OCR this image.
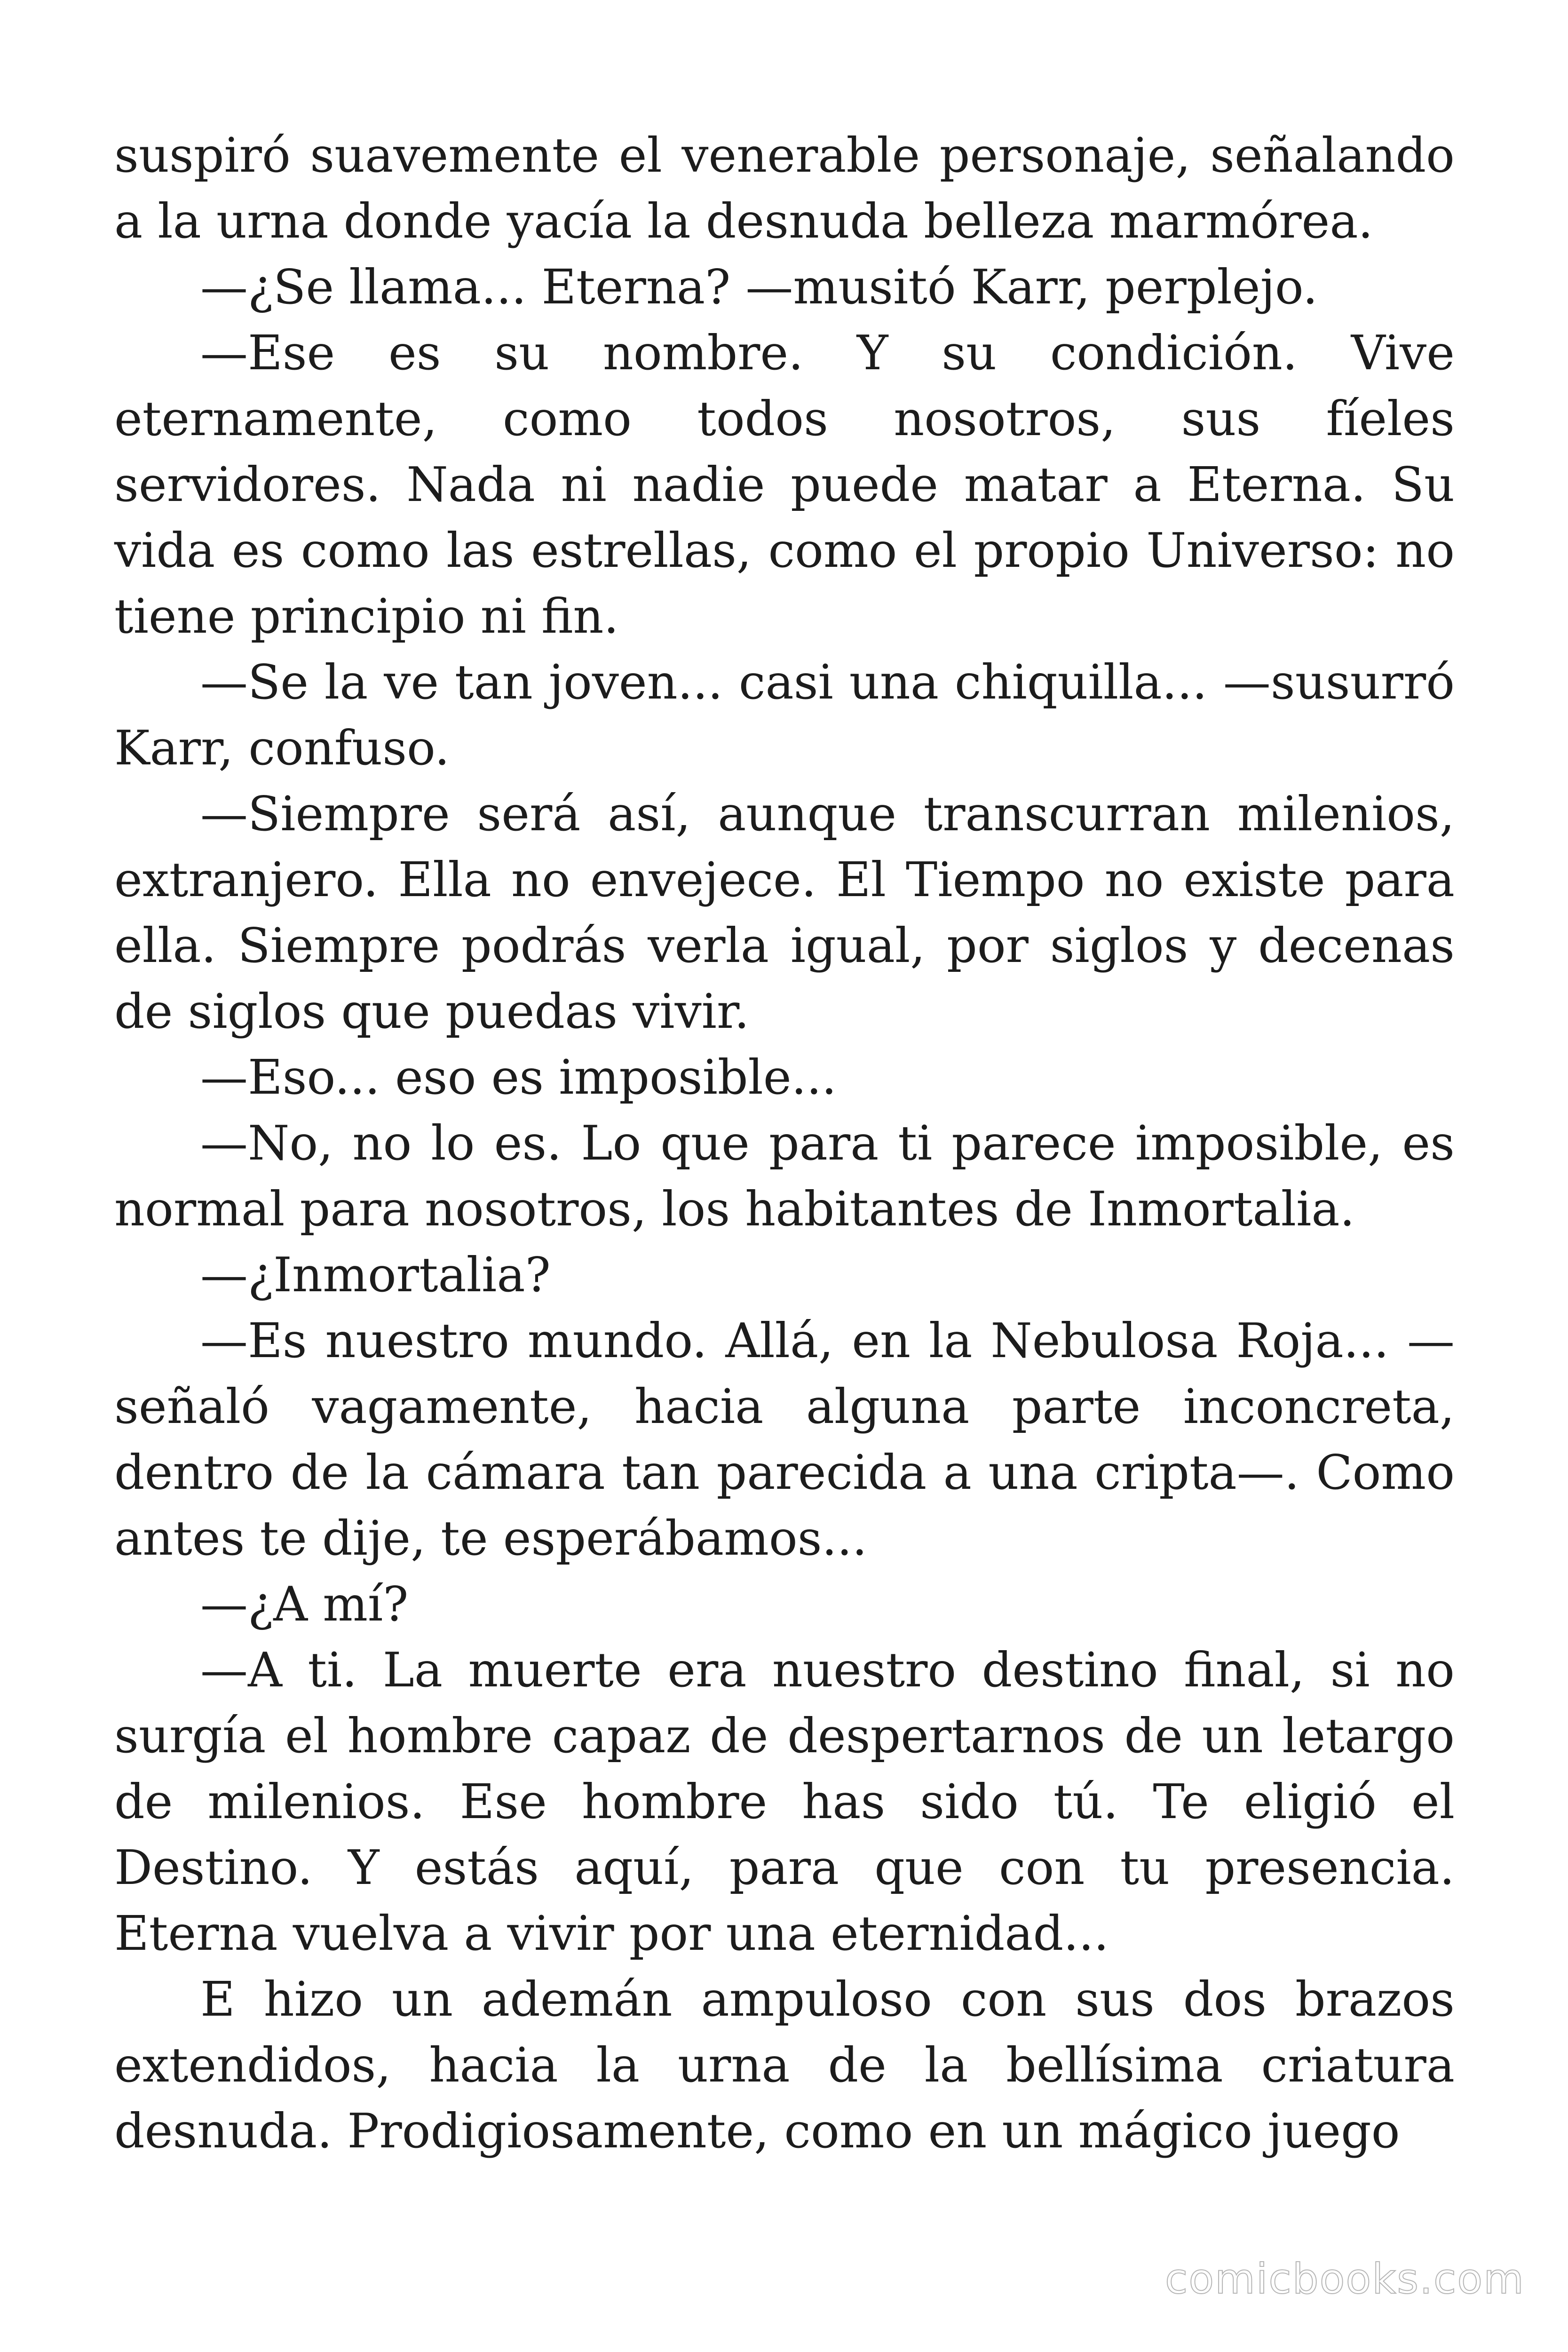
suspiró suavemente el venerable personaje, señalando a la urna donde yacía la desnuda belleza marmórea.

—¿Se llama... Eterna? —musitó Karr, perplejo.

—Ese es su nombre. Y su condición. Vive eternamente, como todos nosotros, sus fíeles servidores. Nada ni nadie puede matar a Eterna. Su vida es como las estrellas, como el propio Universo: no tiene principio ni fin.

—Se la ve tan joven... casi una chiquilla... —susurró Karr, confuso.

—Siempre será así, aunque transcurran milenios, extranjero. Ella no envejece. El Tiempo no existe para ella. Siempre podrás verla igual, por siglos y decenas de siglos que puedas vivir.

—Eso... eso es imposible...

—No, no lo es. Lo que para ti parece imposible, es normal para nosotros, los habitantes de Inmortalia.

—¿Inmortalia?

—Es nuestro mundo. Allá, en la Nebulosa Roja... —señaló vagamente, hacia alguna parte inconcreta, dentro de la cámara tan parecida a una cripta—. Como antes te dije, te esperábamos...

—¿A mí?

—A ti. La muerte era nuestro destino final, si no surgía el hombre capaz de despertarnos de un letargo de milenios. Ese hombre has sido tú. Te eligió el Destino. Y estás aquí, para que con tu presencia. Eterna vuelva a vivir por una eternidad...

E hizo un ademán ampuloso con sus dos brazos extendidos, hacia la urna de la bellísima criatura desnuda. Prodigiosamente, como en un mágico juego

comicbooks.com
